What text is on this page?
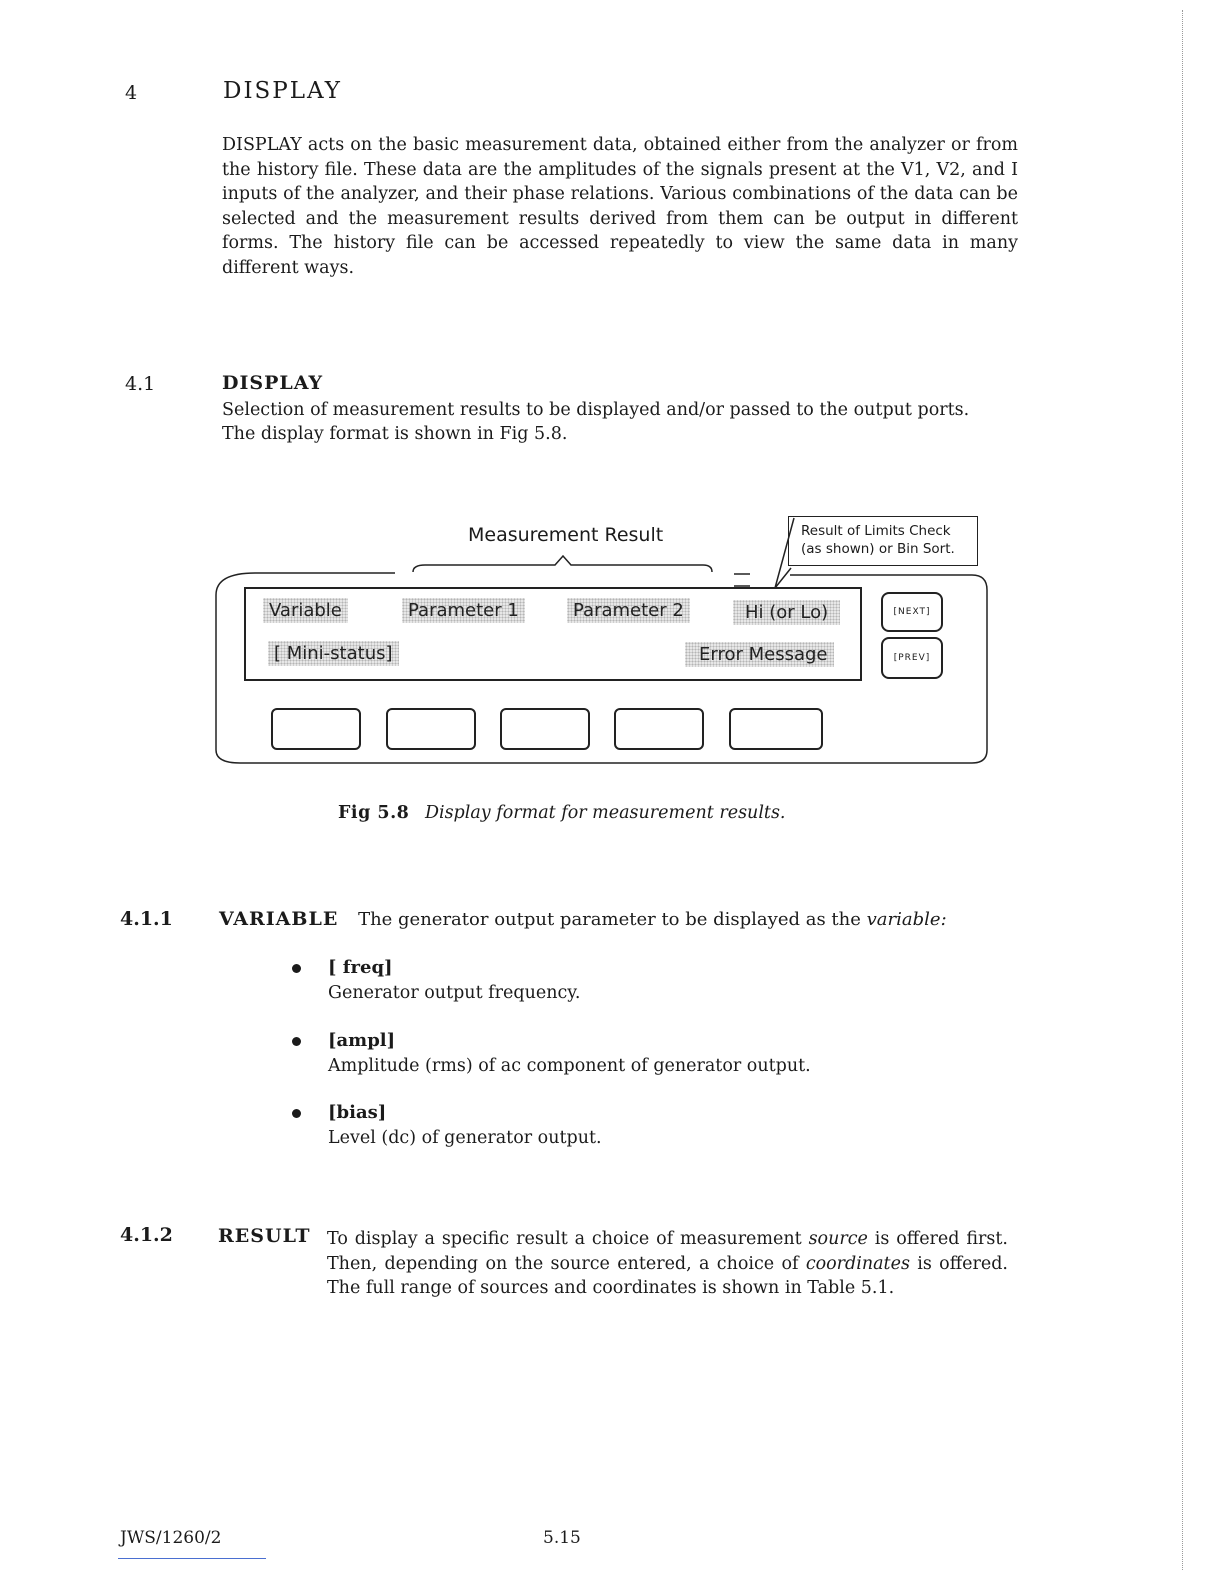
4	DISPLAY

DISPLAY acts on the basic measurement data, obtained either from the analyzer or from the history file. These data are the amplitudes of the signals present at the V1, V2, and I inputs of the analyzer, and their phase relations. Various combinations of the data can be selected and the measurement results derived from them can be output in different forms. The history file can be accessed repeatedly to view the same data in many different ways.

4.1	DISPLAY
Selection of measurement results to be displayed and/or passed to the output ports.
The display format is shown in Fig 5.8.
Measurement Result	Result of Limits Check
(as shown) or Bin Sort.
Variable	Parameter 1	Parameter 2	Hi (or Lo)
[ Mini-status]	Error Message
[NEXT]
[PREV]
Fig 5.8 Display format for measurement results.
4.1.1 VARIABLE The generator output parameter to be displayed as the variable:
[ freq]
Generator output frequency.
[ampl]
Amplitude (rms) of ac component of generator output.
[bias]
Level (dc) of generator output.
4.1.2 RESULT To display a specific result a choice of measurement source is offered first. Then, depending on the source entered, a choice of coordinates is offered. The full range of sources and coordinates is shown in Table 5.1.

JWS/1260/2	5.15
